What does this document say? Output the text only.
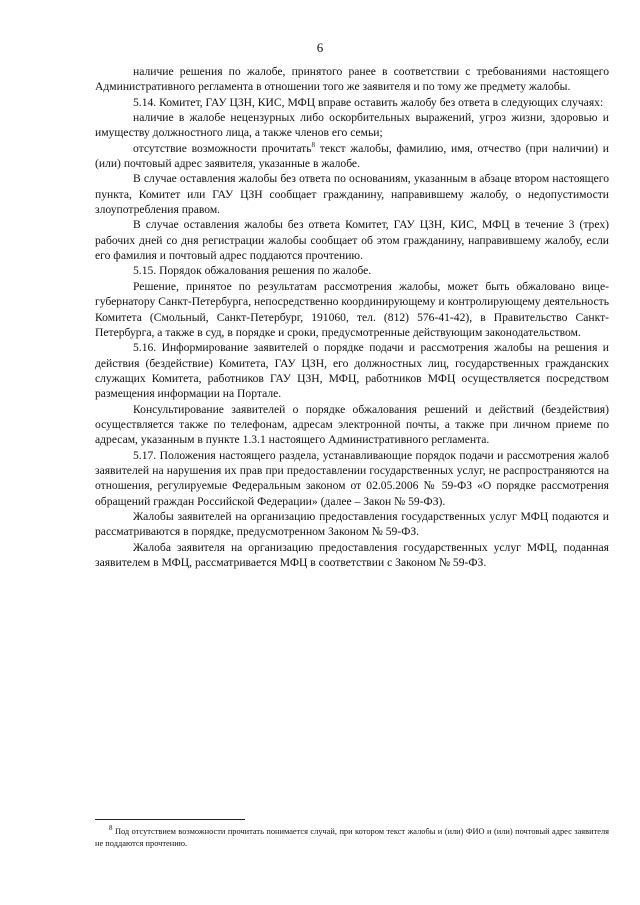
6

наличие решения по жалобе, принятого ранее в соответствии с требованиями настоящего Административного регламента в отношении того же заявителя и по тому же предмету жалобы.

5.14. Комитет, ГАУ ЦЗН, КИС, МФЦ вправе оставить жалобу без ответа в следующих случаях:

наличие в жалобе нецензурных либо оскорбительных выражений, угроз жизни, здоровью и имуществу должностного лица, а также членов его семьи;

отсутствие возможности прочитать$^8$ текст жалобы, фамилию, имя, отчество (при наличии) и (или) почтовый адрес заявителя, указанные в жалобе.

В случае оставления жалобы без ответа по основаниям, указанным в абзаце втором настоящего пункта, Комитет или ГАУ ЦЗН сообщает гражданину, направившему жалобу, о недопустимости злоупотребления правом.

В случае оставления жалобы без ответа Комитет, ГАУ ЦЗН, КИС, МФЦ в течение 3 (трех) рабочих дней со дня регистрации жалобы сообщает об этом гражданину, направившему жалобу, если его фамилия и почтовый адрес поддаются прочтению.

5.15. Порядок обжалования решения по жалобе.

Решение, принятое по результатам рассмотрения жалобы, может быть обжаловано вице-губернатору Санкт-Петербурга, непосредственно координирующему и контролирующему деятельность Комитета (Смольный, Санкт-Петербург, 191060, тел. (812) 576-41-42), в Правительство Санкт-Петербурга, а также в суд, в порядке и сроки, предусмотренные действующим законодательством.

5.16. Информирование заявителей о порядке подачи и рассмотрения жалобы на решения и действия (бездействие) Комитета, ГАУ ЦЗН, его должностных лиц, государственных гражданских служащих Комитета, работников ГАУ ЦЗН, МФЦ, работников МФЦ осуществляется посредством размещения информации на Портале.

Консультирование заявителей о порядке обжалования решений и действий (бездействия) осуществляется также по телефонам, адресам электронной почты, а также при личном приеме по адресам, указанным в пункте 1.3.1 настоящего Административного регламента.

5.17. Положения настоящего раздела, устанавливающие порядок подачи и рассмотрения жалоб заявителей на нарушения их прав при предоставлении государственных услуг, не распространяются на отношения, регулируемые Федеральным законом от 02.05.2006 № 59-ФЗ «О порядке рассмотрения обращений граждан Российской Федерации» (далее – Закон № 59-ФЗ).

Жалобы заявителей на организацию предоставления государственных услуг МФЦ подаются и рассматриваются в порядке, предусмотренном Законом № 59-ФЗ.

Жалоба заявителя на организацию предоставления государственных услуг МФЦ, поданная заявителем в МФЦ, рассматривается МФЦ в соответствии с Законом № 59-ФЗ.

$^8$ Под отсутствием возможности прочитать понимается случай, при котором текст жалобы и (или) ФИО и (или) почтовый адрес заявителя не поддаются прочтению.
